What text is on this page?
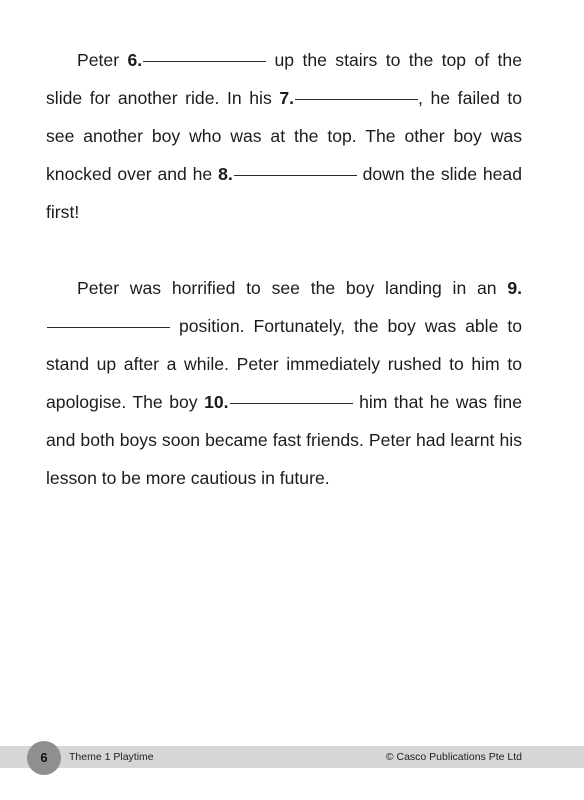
Peter 6.	up the stairs to the top of the slide for another ride. In his 7.	, he failed to see another boy who was at the top. The other boy was knocked over and he 8.	down the slide head first!

Peter was horrified to see the boy landing in an 9. position. Fortunately, the boy was able to stand up after a while. Peter immediately rushed to him to apologise. The boy 10.	him that he was fine and both boys soon became fast friends. Peter had learnt his lesson to be more cautious in future.

6	Theme 1 Playtime	© Casco Publications Pte Ltd
